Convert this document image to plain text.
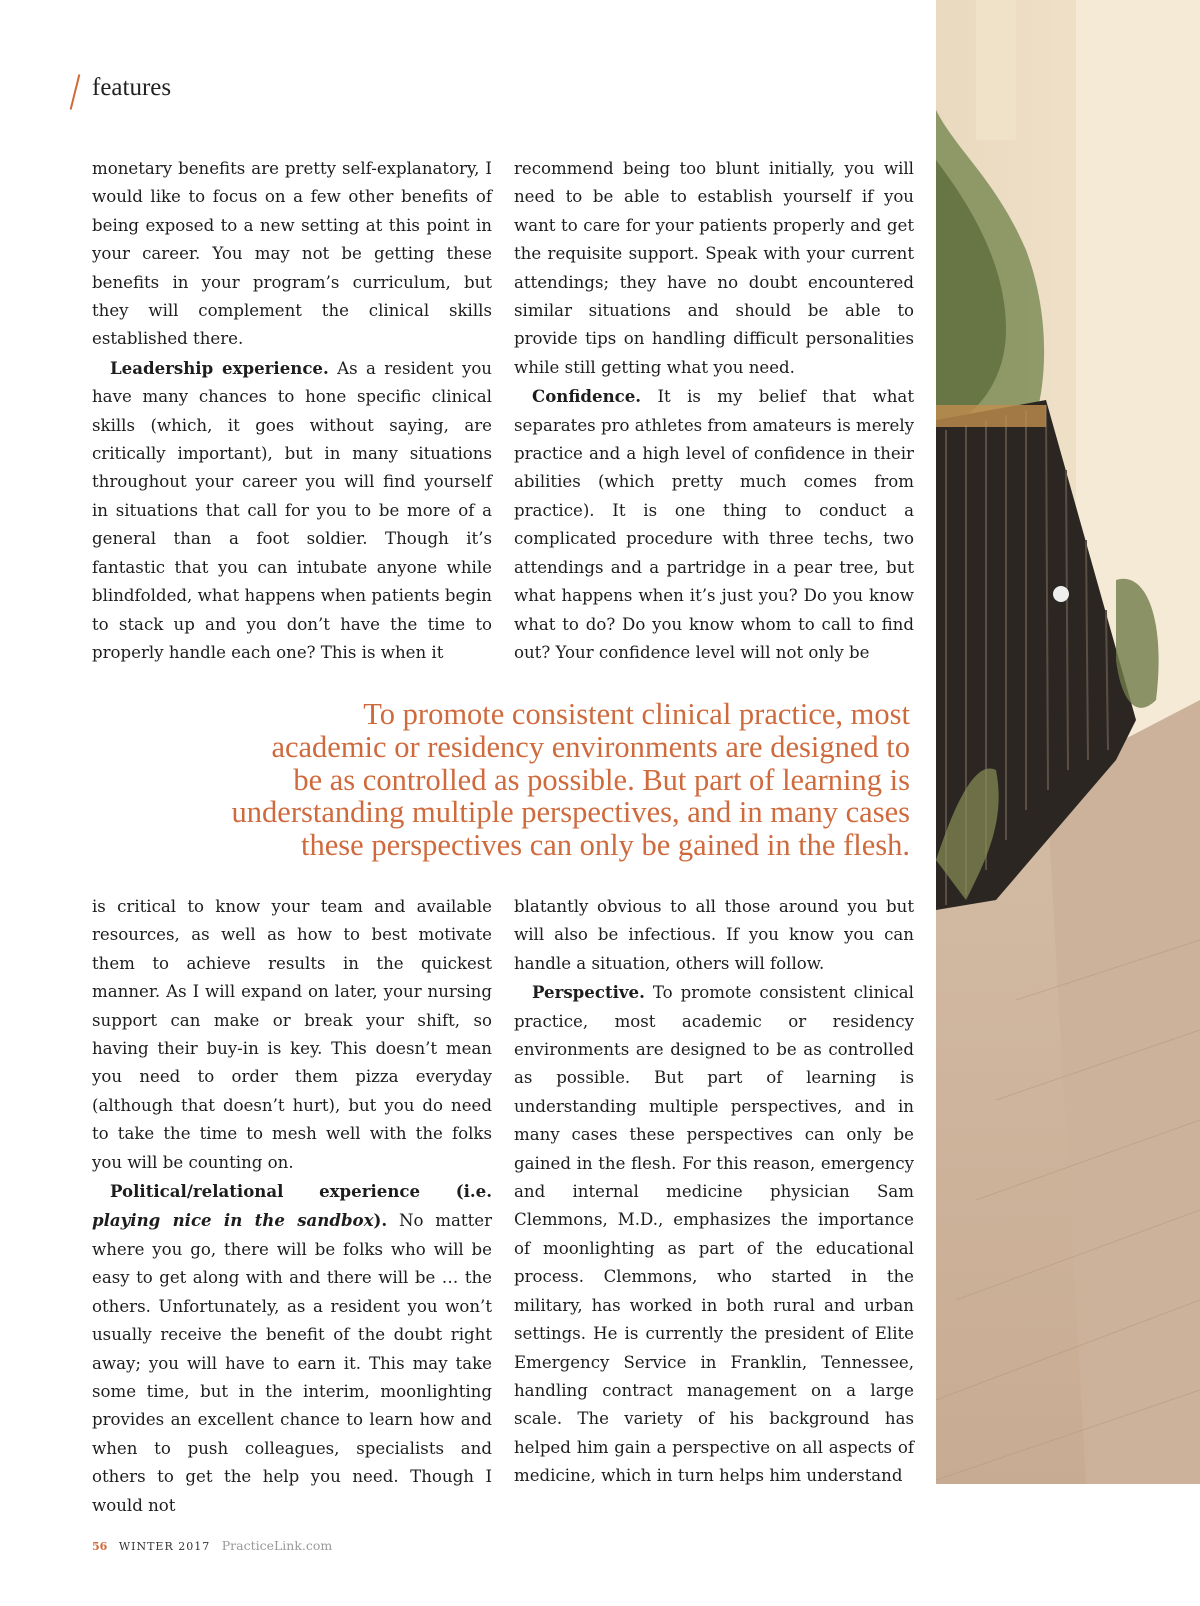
features

monetary benefits are pretty self-explanatory, I would like to focus on a few other benefits of being exposed to a new setting at this point in your career. You may not be getting these benefits in your program’s curriculum, but they will complement the clinical skills established there.

Leadership experience. As a resident you have many chances to hone specific clinical skills (which, it goes without saying, are critically important), but in many situations throughout your career you will find yourself in situations that call for you to be more of a general than a foot soldier. Though it’s fantastic that you can intubate anyone while blindfolded, what happens when patients begin to stack up and you don’t have the time to properly handle each one? This is when it

recommend being too blunt initially, you will need to be able to establish yourself if you want to care for your patients properly and get the requisite support. Speak with your current attendings; they have no doubt encountered similar situations and should be able to provide tips on handling difficult personalities while still getting what you need.

Confidence. It is my belief that what separates pro athletes from amateurs is merely practice and a high level of confidence in their abilities (which pretty much comes from practice). It is one thing to conduct a complicated procedure with three techs, two attendings and a partridge in a pear tree, but what happens when it’s just you? Do you know what to do? Do you know whom to call to find out? Your confidence level will not only be

To promote consistent clinical practice, most
academic or residency environments are designed to
be as controlled as possible. But part of learning is
understanding multiple perspectives, and in many cases
these perspectives can only be gained in the flesh.

is critical to know your team and available resources, as well as how to best motivate them to achieve results in the quickest manner. As I will expand on later, your nursing support can make or break your shift, so having their buy-in is key. This doesn’t mean you need to order them pizza everyday (although that doesn’t hurt), but you do need to take the time to mesh well with the folks you will be counting on.

Political/relational experience (i.e. playing nice in the sandbox). No matter where you go, there will be folks who will be easy to get along with and there will be … the others. Unfortunately, as a resident you won’t usually receive the benefit of the doubt right away; you will have to earn it. This may take some time, but in the interim, moonlighting provides an excellent chance to learn how and when to push colleagues, specialists and others to get the help you need. Though I would not

blatantly obvious to all those around you but will also be infectious. If you know you can handle a situation, others will follow.

Perspective. To promote consistent clinical practice, most academic or residency environments are designed to be as controlled as possible. But part of learning is understanding multiple perspectives, and in many cases these perspectives can only be gained in the flesh. For this reason, emergency and internal medicine physician Sam Clemmons, M.D., emphasizes the importance of moonlighting as part of the educational process. Clemmons, who started in the military, has worked in both rural and urban settings. He is currently the president of Elite Emergency Service in Franklin, Tennessee, handling contract management on a large scale. The variety of his background has helped him gain a perspective on all aspects of medicine, which in turn helps him understand

56 WINTER 2017 PracticeLink.com
